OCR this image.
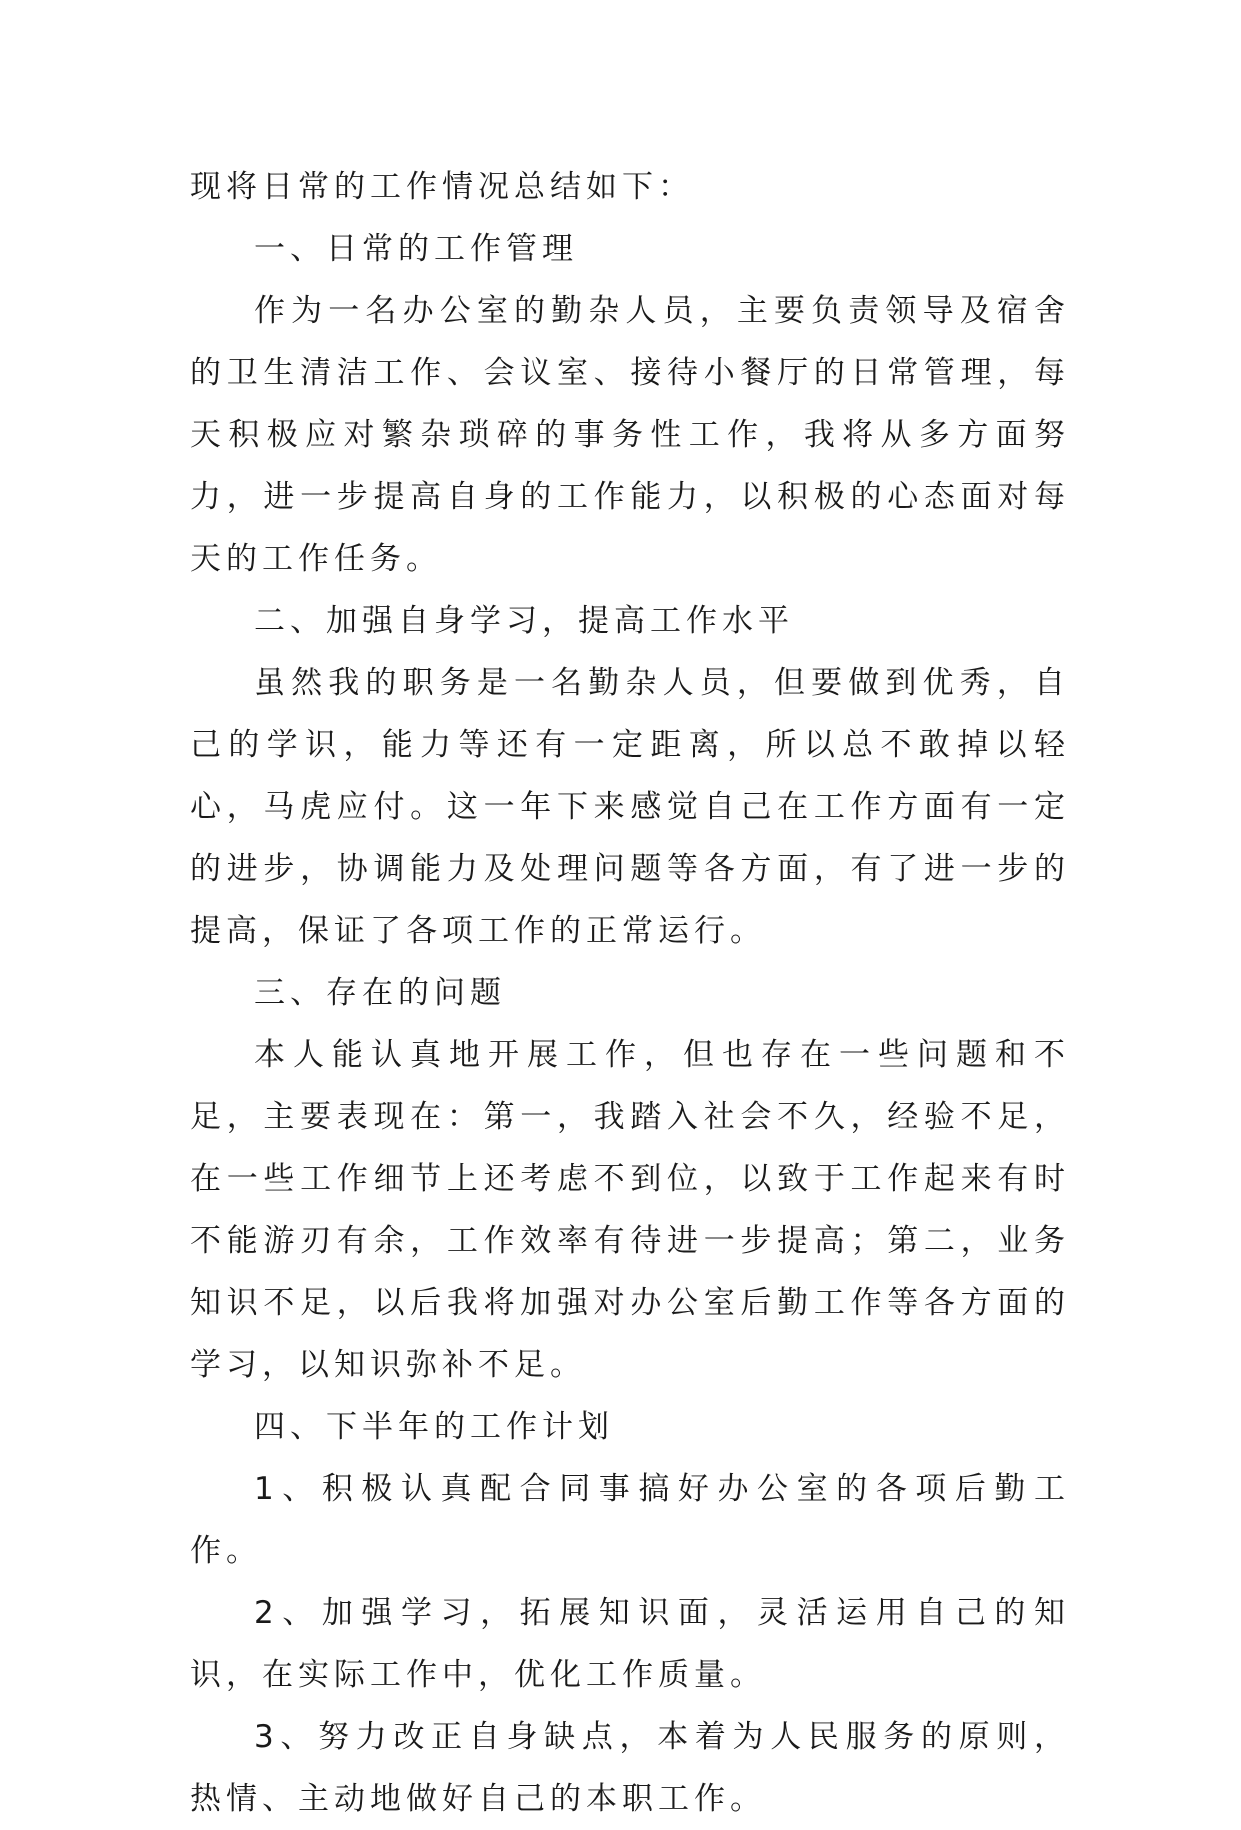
现将日常的工作情况总结如下：

一、日常的工作管理

作为一名办公室的勤杂人员，主要负责领导及宿舍的卫生清洁工作、会议室、接待小餐厅的日常管理，每天积极应对繁杂琐碎的事务性工作，我将从多方面努力，进一步提高自身的工作能力，以积极的心态面对每天的工作任务。

二、加强自身学习，提高工作水平

虽然我的职务是一名勤杂人员，但要做到优秀，自己的学识，能力等还有一定距离，所以总不敢掉以轻心，马虎应付。这一年下来感觉自己在工作方面有一定的进步，协调能力及处理问题等各方面，有了进一步的提高，保证了各项工作的正常运行。

三、存在的问题

本人能认真地开展工作，但也存在一些问题和不足，主要表现在：第一，我踏入社会不久，经验不足，在一些工作细节上还考虑不到位，以致于工作起来有时不能游刃有余，工作效率有待进一步提高；第二，业务知识不足，以后我将加强对办公室后勤工作等各方面的学习，以知识弥补不足。

四、下半年的工作计划

1、积极认真配合同事搞好办公室的各项后勤工作。

2、加强学习，拓展知识面，灵活运用自己的知识，在实际工作中，优化工作质量。

3、努力改正自身缺点，本着为人民服务的原则，热情、主动地做好自己的本职工作。
